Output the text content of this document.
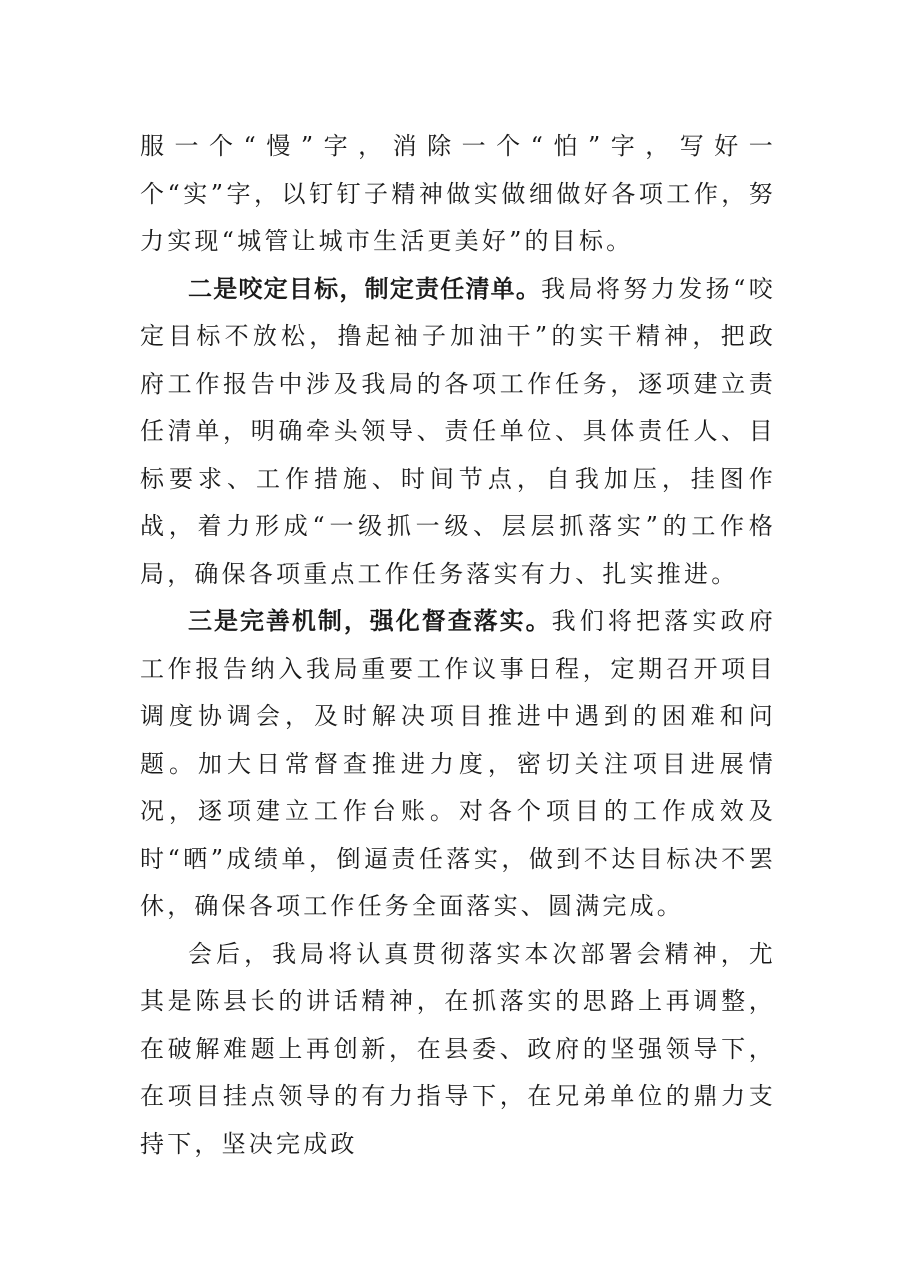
服一个“慢”字，消除一个“怕”字，写好一个“实”字，以钉钉子精神做实做细做好各项工作，努力实现“城管让城市生活更美好”的目标。

二是咬定目标，制定责任清单。我局将努力发扬“咬定目标不放松，撸起袖子加油干”的实干精神，把政府工作报告中涉及我局的各项工作任务，逐项建立责任清单，明确牵头领导、责任单位、具体责任人、目标要求、工作措施、时间节点，自我加压，挂图作战，着力形成“一级抓一级、层层抓落实”的工作格局，确保各项重点工作任务落实有力、扎实推进。

三是完善机制，强化督查落实。我们将把落实政府工作报告纳入我局重要工作议事日程，定期召开项目调度协调会，及时解决项目推进中遇到的困难和问题。加大日常督查推进力度，密切关注项目进展情况，逐项建立工作台账。对各个项目的工作成效及时“晒”成绩单，倒逼责任落实，做到不达目标决不罢休，确保各项工作任务全面落实、圆满完成。

会后，我局将认真贯彻落实本次部署会精神，尤其是陈县长的讲话精神，在抓落实的思路上再调整，在破解难题上再创新，在县委、政府的坚强领导下，在项目挂点领导的有力指导下，在兄弟单位的鼎力支持下，坚决完成政
